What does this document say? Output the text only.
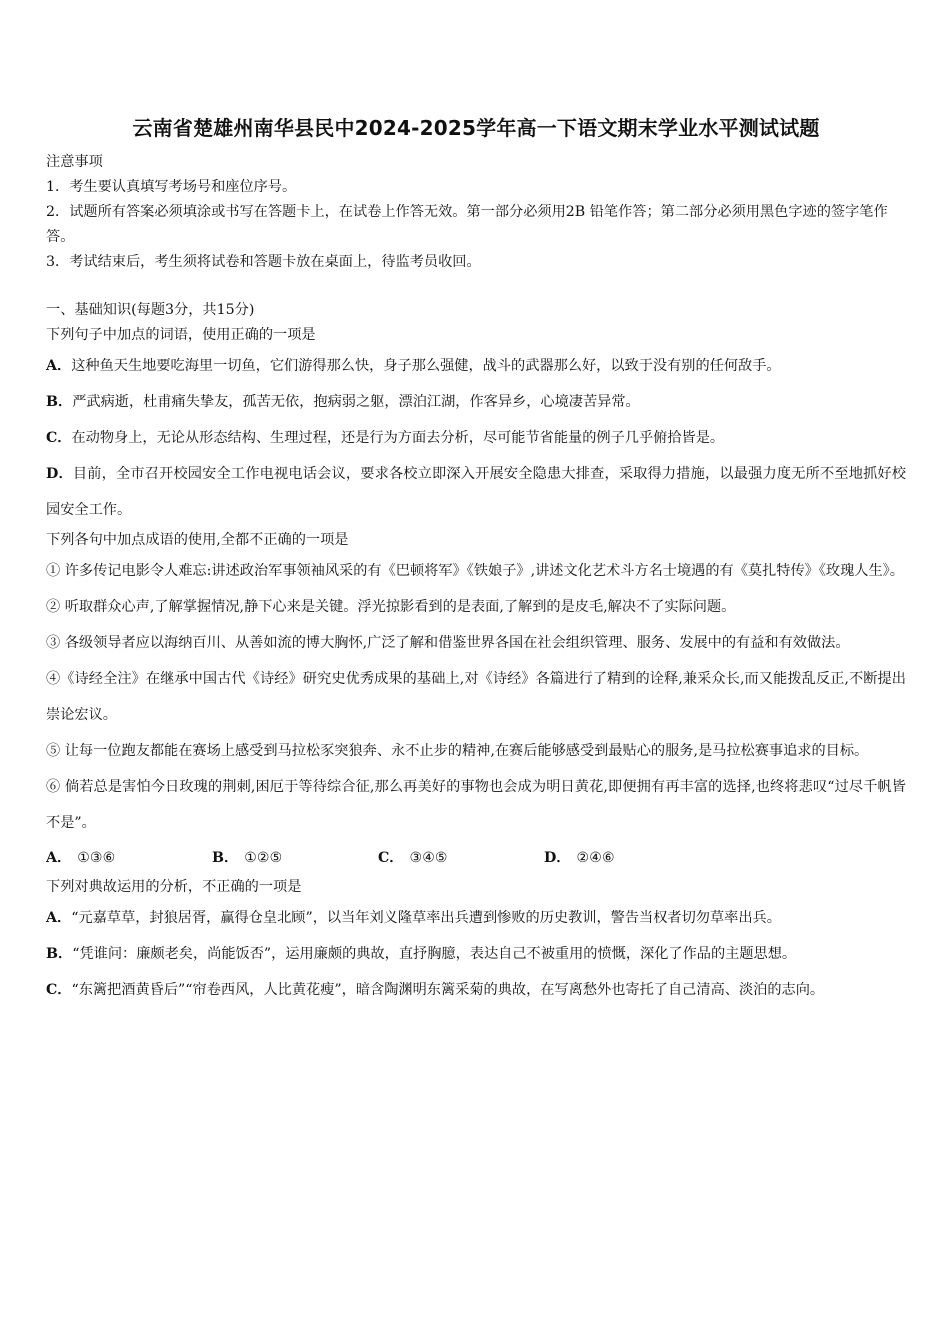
云南省楚雄州南华县民中2024-2025学年高一下语文期末学业水平测试试题

注意事项

1．考生要认真填写考场号和座位序号。

2．试题所有答案必须填涂或书写在答题卡上，在试卷上作答无效。第一部分必须用2B 铅笔作答；第二部分必须用黑色字迹的签字笔作答。

3．考试结束后，考生须将试卷和答题卡放在桌面上，待监考员收回。

一、基础知识(每题3分，共15分)

下列句子中加点的词语，使用正确的一项是

A．这种鱼天生地要吃海里一切鱼，它们游得那么快，身子那么强健，战斗的武器那么好，以致于没有别的任何敌手。

B．严武病逝，杜甫痛失挚友，孤苦无依，抱病弱之躯，漂泊江湖，作客异乡，心境凄苦异常。

C．在动物身上，无论从形态结构、生理过程，还是行为方面去分析，尽可能节省能量的例子几乎俯拾皆是。

D．目前，全市召开校园安全工作电视电话会议，要求各校立即深入开展安全隐患大排查，采取得力措施，以最强力度无所不至地抓好校园安全工作。

下列各句中加点成语的使用,全都不正确的一项是

① 许多传记电影令人难忘:讲述政治军事领袖风采的有《巴顿将军》《铁娘子》,讲述文化艺术斗方名士境遇的有《莫扎特传》《玫瑰人生》。

② 听取群众心声,了解掌握情况,静下心来是关键。浮光掠影看到的是表面,了解到的是皮毛,解决不了实际问题。

③ 各级领导者应以海纳百川、从善如流的博大胸怀,广泛了解和借鉴世界各国在社会组织管理、服务、发展中的有益和有效做法。

④《诗经全注》在继承中国古代《诗经》研究史优秀成果的基础上,对《诗经》各篇进行了精到的诠释,兼采众长,而又能拨乱反正,不断提出崇论宏议。

⑤ 让每一位跑友都能在赛场上感受到马拉松豕突狼奔、永不止步的精神,在赛后能够感受到最贴心的服务,是马拉松赛事追求的目标。

⑥ 倘若总是害怕今日玫瑰的荆刺,困厄于等待综合征,那么再美好的事物也会成为明日黄花,即便拥有再丰富的选择,也终将悲叹“过尽千帆皆不是”。

A． ①③⑥	B． ①②⑤	C． ③④⑤	D． ②④⑥

下列对典故运用的分析，不正确的一项是

A．“元嘉草草，封狼居胥，赢得仓皇北顾”，以当年刘义隆草率出兵遭到惨败的历史教训，警告当权者切勿草率出兵。

B．“凭谁问：廉颇老矣，尚能饭否”，运用廉颇的典故，直抒胸臆，表达自己不被重用的愤慨，深化了作品的主题思想。

C．“东篱把酒黄昏后”“帘卷西风，人比黄花瘦”，暗含陶渊明东篱采菊的典故，在写离愁外也寄托了自己清高、淡泊的志向。
